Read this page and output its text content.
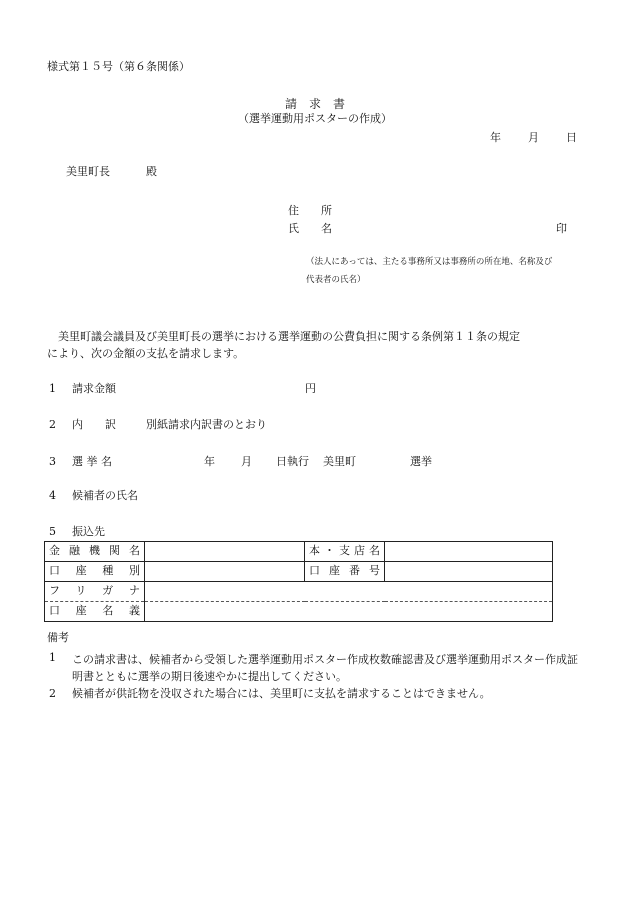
様式第１５号（第６条関係）
請　求　書
（選挙運動用ポスターの作成）
年 月 日
美里町長	殿
住　　所
氏　　名	印
（法人にあっては、主たる事務所又は事務所の所在地、名称及び
代表者の氏名）
美里町議会議員及び美里町長の選挙における選挙運動の公費負担に関する条例第１１条の規定
により、次の金額の支払を請求します。
1 請求金額	円
2 内　　訳	別紙請求内訳書のとおり
3 選 挙 名	年 月 日執行 美里町	選挙
4 候補者の氏名
5 振込先
金融機関名		本・支店名	
口座種別		口座番号	
フリガナ			
口座名義			
備考
1 この請求書は、候補者から受領した選挙運動用ポスター作成枚数確認書及び選挙運動用ポスター作成証明書とともに選挙の期日後速やかに提出してください。
2 候補者が供託物を没収された場合には、美里町に支払を請求することはできません。
